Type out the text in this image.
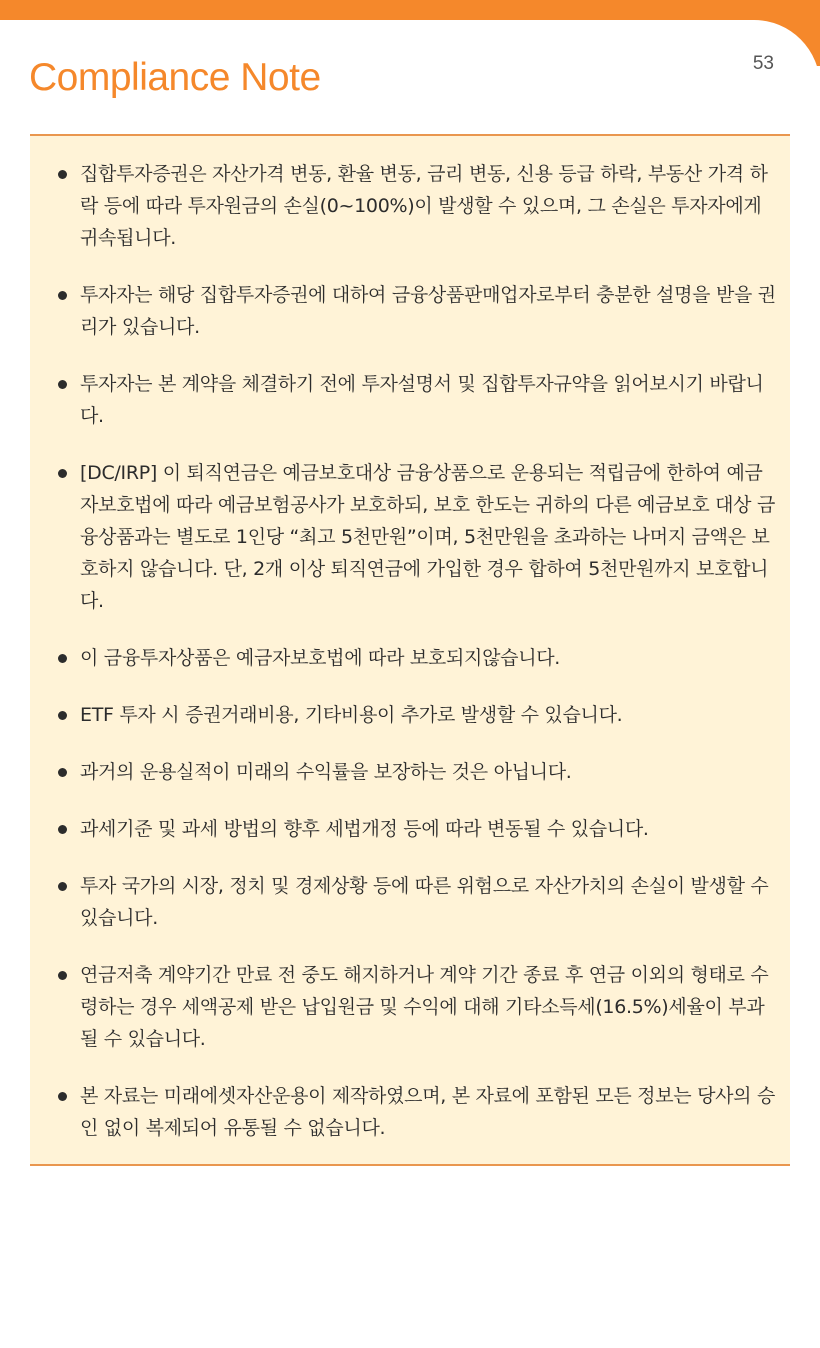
Compliance Note	53
집합투자증권은 자산가격 변동, 환율 변동, 금리 변동, 신용 등급 하락, 부동산 가격 하락 등에 따라 투자원금의 손실(0~100%)이 발생할 수 있으며, 그 손실은 투자자에게 귀속됩니다.
투자자는 해당 집합투자증권에 대하여 금융상품판매업자로부터 충분한 설명을 받을 권리가 있습니다.
투자자는 본 계약을 체결하기 전에 투자설명서 및 집합투자규약을 읽어보시기 바랍니다.
[DC/IRP] 이 퇴직연금은 예금보호대상 금융상품으로 운용되는 적립금에 한하여 예금자보호법에 따라 예금보험공사가 보호하되, 보호 한도는 귀하의 다른 예금보호 대상 금융상품과는 별도로 1인당 “최고 5천만원”이며, 5천만원을 초과하는 나머지 금액은 보호하지 않습니다. 단, 2개 이상 퇴직연금에 가입한 경우 합하여 5천만원까지 보호합니다.
이 금융투자상품은 예금자보호법에 따라 보호되지않습니다.
ETF 투자 시 증권거래비용, 기타비용이 추가로 발생할 수 있습니다.
과거의 운용실적이 미래의 수익률을 보장하는 것은 아닙니다.
과세기준 및 과세 방법의 향후 세법개정 등에 따라 변동될 수 있습니다.
투자 국가의 시장, 정치 및 경제상황 등에 따른 위험으로 자산가치의 손실이 발생할 수 있습니다.
연금저축 계약기간 만료 전 중도 해지하거나 계약 기간 종료 후 연금 이외의 형태로 수령하는 경우 세액공제 받은 납입원금 및 수익에 대해 기타소득세(16.5%)세율이 부과될 수 있습니다.
본 자료는 미래에셋자산운용이 제작하였으며, 본 자료에 포함된 모든 정보는 당사의 승인 없이 복제되어 유통될 수 없습니다.
